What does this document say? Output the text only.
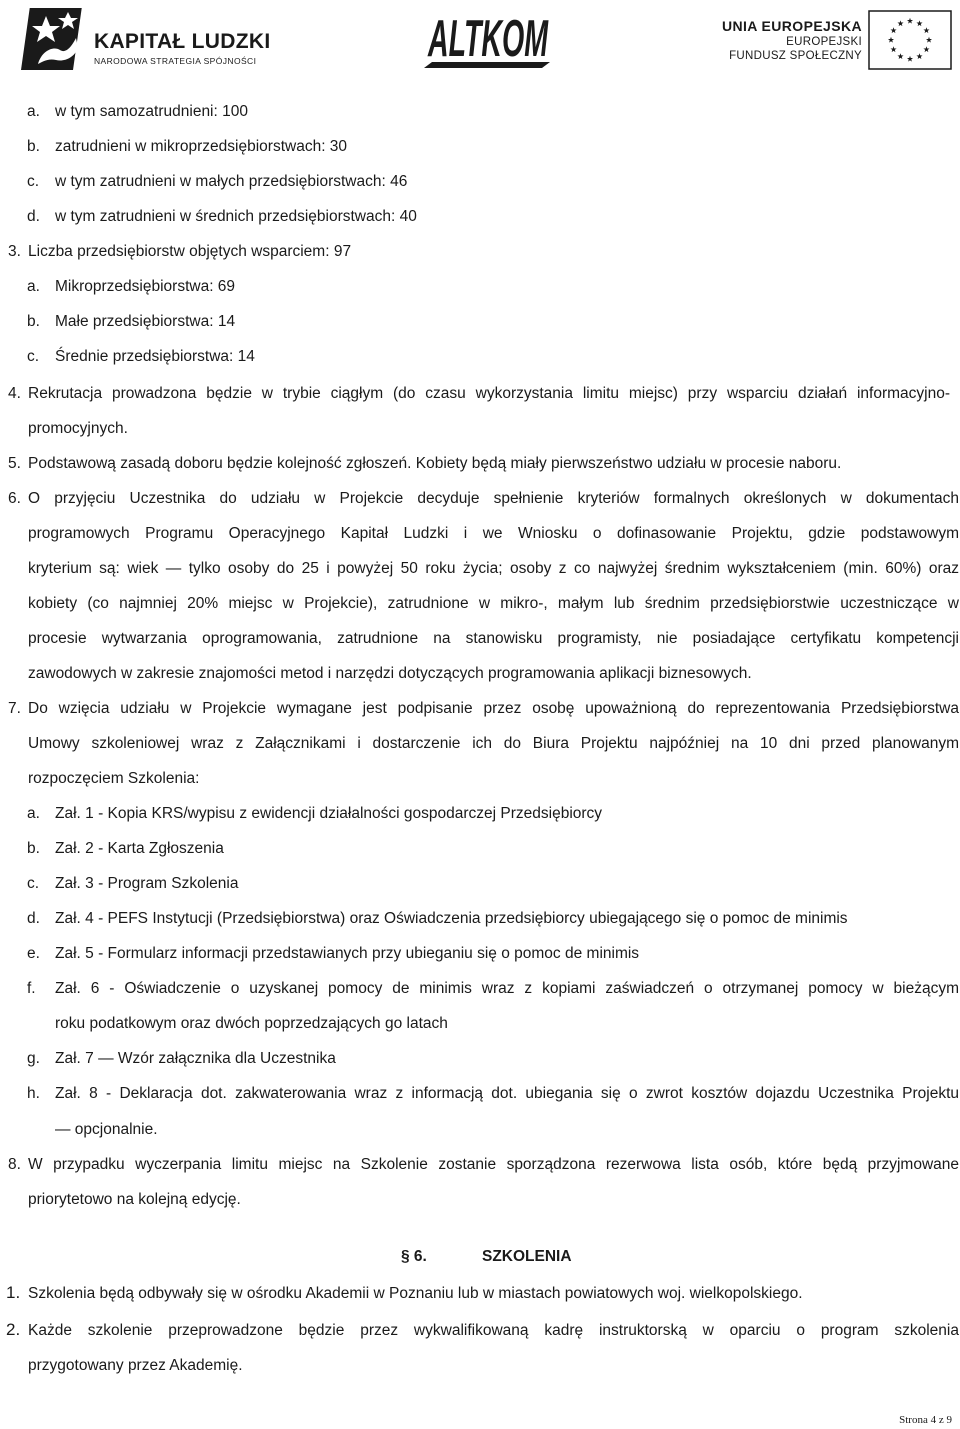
KAPITAŁ LUDZKI
NARODOWA STRATEGIA SPÓJNOŚCI	ALTKOM	UNIA EUROPEJSKA
EUROPEJSKI
FUNDUSZ SPOŁECZNY
a. w tym samozatrudnieni: 100
b. zatrudnieni w mikroprzedsiębiorstwach: 30
c. w tym zatrudnieni w małych przedsiębiorstwach: 46
d. w tym zatrudnieni w średnich przedsiębiorstwach: 40
3. Liczba przedsiębiorstw objętych wsparciem: 97
a. Mikroprzedsiębiorstwa: 69
b. Małe przedsiębiorstwa: 14
c. Średnie przedsiębiorstwa: 14
4. Rekrutacja prowadzona będzie w trybie ciągłym (do czasu wykorzystania limitu miejsc) przy wsparciu działań informacyjno-
promocyjnych.
5. Podstawową zasadą doboru będzie kolejność zgłoszeń. Kobiety będą miały pierwszeństwo udziału w procesie naboru.
6. O przyjęciu Uczestnika do udziału w Projekcie decyduje spełnienie kryteriów formalnych określonych w dokumentach
programowych Programu Operacyjnego Kapitał Ludzki i we Wniosku o dofinasowanie Projektu, gdzie podstawowym
kryterium są: wiek — tylko osoby do 25 i powyżej 50 roku życia; osoby z co najwyżej średnim wykształceniem (min. 60%) oraz
kobiety (co najmniej 20% miejsc w Projekcie), zatrudnione w mikro-, małym lub średnim przedsiębiorstwie uczestniczące w
procesie wytwarzania oprogramowania, zatrudnione na stanowisku programisty, nie posiadające certyfikatu kompetencji
zawodowych w zakresie znajomości metod i narzędzi dotyczących programowania aplikacji biznesowych.
7. Do wzięcia udziału w Projekcie wymagane jest podpisanie przez osobę upoważnioną do reprezentowania Przedsiębiorstwa
Umowy szkoleniowej wraz z Załącznikami i dostarczenie ich do Biura Projektu najpóźniej na 10 dni przed planowanym
rozpoczęciem Szkolenia:
a. Zał. 1 - Kopia KRS/wypisu z ewidencji działalności gospodarczej Przedsiębiorcy
b. Zał. 2 - Karta Zgłoszenia
c. Zał. 3 - Program Szkolenia
d. Zał. 4 - PEFS Instytucji (Przedsiębiorstwa) oraz Oświadczenia przedsiębiorcy ubiegającego się o pomoc de minimis
e. Zał. 5 - Formularz informacji przedstawianych przy ubieganiu się o pomoc de minimis
f. Zał. 6 - Oświadczenie o uzyskanej pomocy de minimis wraz z kopiami zaświadczeń o otrzymanej pomocy w bieżącym
roku podatkowym oraz dwóch poprzedzających go latach
g. Zał. 7 — Wzór załącznika dla Uczestnika
h. Zał. 8 - Deklaracja dot. zakwaterowania wraz z informacją dot. ubiegania się o zwrot kosztów dojazdu Uczestnika Projektu
— opcjonalnie.
8. W przypadku wyczerpania limitu miejsc na Szkolenie zostanie sporządzona rezerwowa lista osób, które będą przyjmowane
priorytetowo na kolejną edycję.
§ 6.	SZKOLENIA
1. Szkolenia będą odbywały się w ośrodku Akademii w Poznaniu lub w miastach powiatowych woj. wielkopolskiego.
2. Każde szkolenie przeprowadzone będzie przez wykwalifikowaną kadrę instruktorską w oparciu o program szkolenia
przygotowany przez Akademię.
Strona 4 z 9
